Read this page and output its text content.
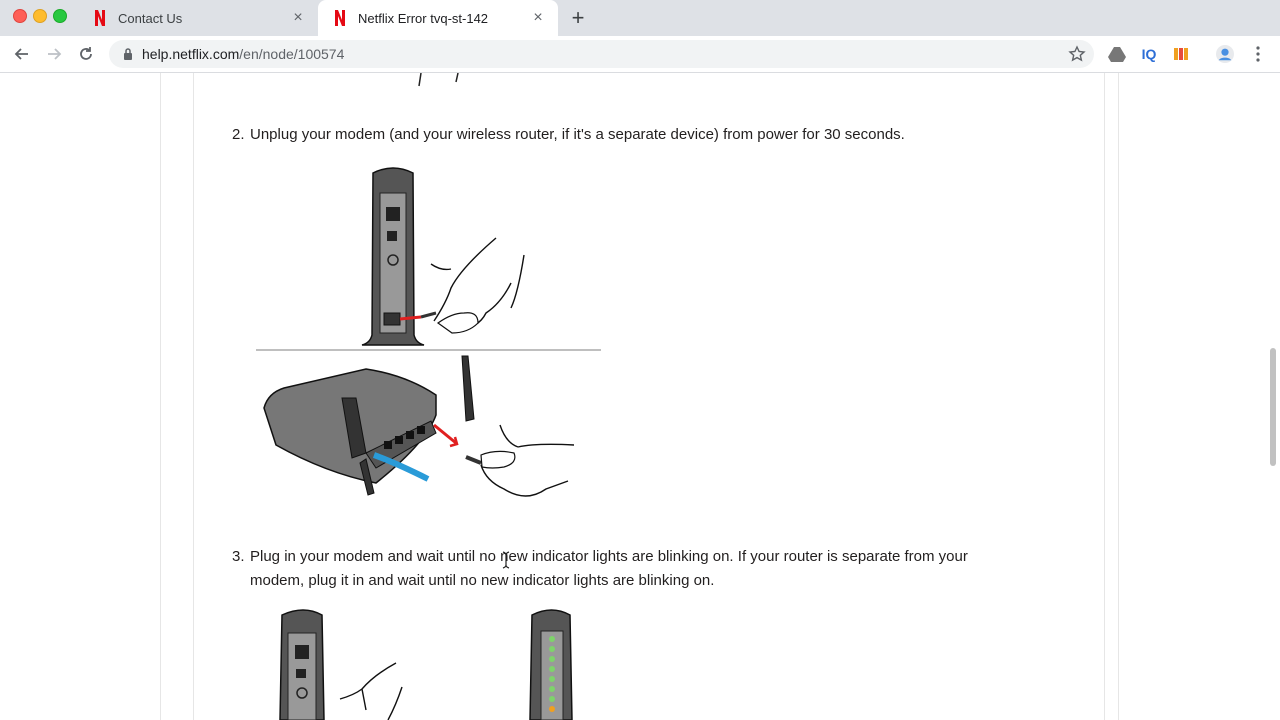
Contact Us	×	Netflix Error tvq-st-142	× +
help.netflix.com/en/node/100574	IQ
2. Unplug your modem (and your wireless router, if it's a separate device) from power for 30 seconds.
3. Plug in your modem and wait until no new indicator lights are blinking on. If your router is separate from your
modem, plug it in and wait until no new indicator lights are blinking on.
